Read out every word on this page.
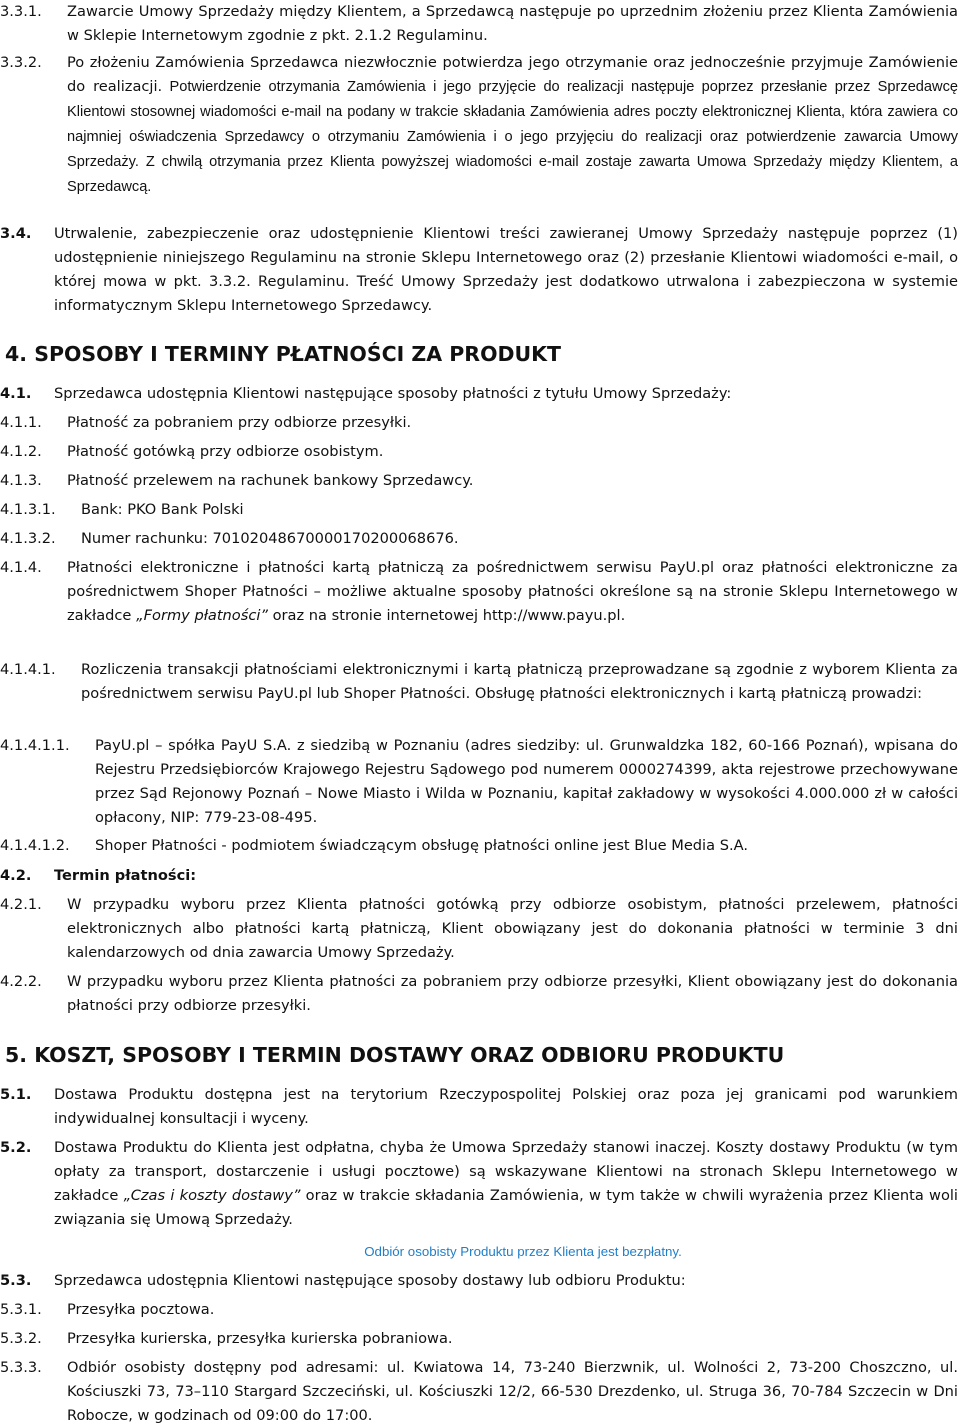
3.3.1. Zawarcie Umowy Sprzedaży między Klientem, a Sprzedawcą następuje po uprzednim złożeniu przez Klienta Zamówienia w Sklepie Internetowym zgodnie z pkt. 2.1.2 Regulaminu.
3.3.2. Po złożeniu Zamówienia Sprzedawca niezwłocznie potwierdza jego otrzymanie oraz jednocześnie przyjmuje Zamówienie do realizacji. Potwierdzenie otrzymania Zamówienia i jego przyjęcie do realizacji następuje poprzez przesłanie przez Sprzedawcę Klientowi stosownej wiadomości e-mail na podany w trakcie składania Zamówienia adres poczty elektronicznej Klienta, która zawiera co najmniej oświadczenia Sprzedawcy o otrzymaniu Zamówienia i o jego przyjęciu do realizacji oraz potwierdzenie zawarcia Umowy Sprzedaży. Z chwilą otrzymania przez Klienta powyższej wiadomości e-mail zostaje zawarta Umowa Sprzedaży między Klientem, a Sprzedawcą.
3.4. Utrwalenie, zabezpieczenie oraz udostępnienie Klientowi treści zawieranej Umowy Sprzedaży następuje poprzez (1) udostępnienie niniejszego Regulaminu na stronie Sklepu Internetowego oraz (2) przesłanie Klientowi wiadomości e-mail, o której mowa w pkt. 3.3.2. Regulaminu. Treść Umowy Sprzedaży jest dodatkowo utrwalona i zabezpieczona w systemie informatycznym Sklepu Internetowego Sprzedawcy.
4. SPOSOBY I TERMINY PŁATNOŚCI ZA PRODUKT
4.1. Sprzedawca udostępnia Klientowi następujące sposoby płatności z tytułu Umowy Sprzedaży:
4.1.1. Płatność za pobraniem przy odbiorze przesyłki.
4.1.2. Płatność gotówką przy odbiorze osobistym.
4.1.3. Płatność przelewem na rachunek bankowy Sprzedawcy.
4.1.3.1. Bank: PKO Bank Polski
4.1.3.2. Numer rachunku: 70102048670000170200068676.
4.1.4. Płatności elektroniczne i płatności kartą płatniczą za pośrednictwem serwisu PayU.pl oraz płatności elektroniczne za pośrednictwem Shoper Płatności – możliwe aktualne sposoby płatności określone są na stronie Sklepu Internetowego w zakładce „Formy płatności” oraz na stronie internetowej http://www.payu.pl.
4.1.4.1. Rozliczenia transakcji płatnościami elektronicznymi i kartą płatniczą przeprowadzane są zgodnie z wyborem Klienta za pośrednictwem serwisu PayU.pl lub Shoper Płatności. Obsługę płatności elektronicznych i kartą płatniczą prowadzi:
4.1.4.1.1. PayU.pl – spółka PayU S.A. z siedzibą w Poznaniu (adres siedziby: ul. Grunwaldzka 182, 60-166 Poznań), wpisana do Rejestru Przedsiębiorców Krajowego Rejestru Sądowego pod numerem 0000274399, akta rejestrowe przechowywane przez Sąd Rejonowy Poznań – Nowe Miasto i Wilda w Poznaniu, kapitał zakładowy w wysokości 4.000.000 zł w całości opłacony, NIP: 779-23-08-495.
4.1.4.1.2. Shoper Płatności - podmiotem świadczącym obsługę płatności online jest Blue Media S.A.
4.2. Termin płatności:
4.2.1. W przypadku wyboru przez Klienta płatności gotówką przy odbiorze osobistym, płatności przelewem, płatności elektronicznych albo płatności kartą płatniczą, Klient obowiązany jest do dokonania płatności w terminie 3 dni kalendarzowych od dnia zawarcia Umowy Sprzedaży.
4.2.2. W przypadku wyboru przez Klienta płatności za pobraniem przy odbiorze przesyłki, Klient obowiązany jest do dokonania płatności przy odbiorze przesyłki.
5. KOSZT, SPOSOBY I TERMIN DOSTAWY ORAZ ODBIORU PRODUKTU
5.1. Dostawa Produktu dostępna jest na terytorium Rzeczypospolitej Polskiej oraz poza jej granicami pod warunkiem indywidualnej konsultacji i wyceny.
5.2. Dostawa Produktu do Klienta jest odpłatna, chyba że Umowa Sprzedaży stanowi inaczej. Koszty dostawy Produktu (w tym opłaty za transport, dostarczenie i usługi pocztowe) są wskazywane Klientowi na stronach Sklepu Internetowego w zakładce „Czas i koszty dostawy” oraz w trakcie składania Zamówienia, w tym także w chwili wyrażenia przez Klienta woli związania się Umową Sprzedaży.
Odbiór osobisty Produktu przez Klienta jest bezpłatny.
5.3. Sprzedawca udostępnia Klientowi następujące sposoby dostawy lub odbioru Produktu:
5.3.1. Przesyłka pocztowa.
5.3.2. Przesyłka kurierska, przesyłka kurierska pobraniowa.
5.3.3. Odbiór osobisty dostępny pod adresami: ul. Kwiatowa 14, 73-240 Bierzwnik, ul. Wolności 2, 73-200 Choszczno, ul. Kościuszki 73, 73–110 Stargard Szczeciński, ul. Kościuszki 12/2, 66-530 Drezdenko, ul. Struga 36, 70-784 Szczecin w Dni Robocze, w godzinach od 09:00 do 17:00.
